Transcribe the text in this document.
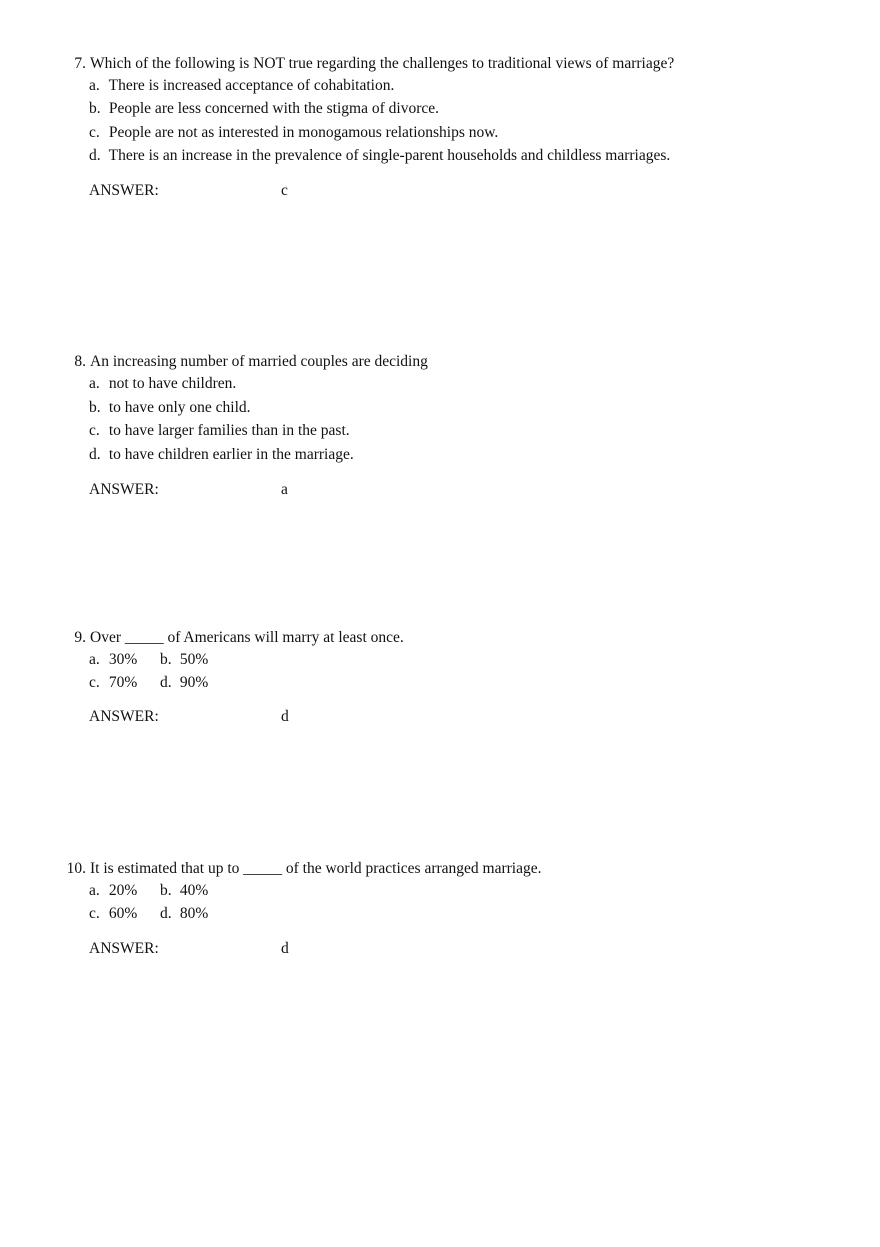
7. Which of the following is NOT true regarding the challenges to traditional views of marriage?
a. There is increased acceptance of cohabitation.
b. People are less concerned with the stigma of divorce.
c. People are not as interested in monogamous relationships now.
d. There is an increase in the prevalence of single-parent households and childless marriages.
ANSWER:	c
8. An increasing number of married couples are deciding
a. not to have children.
b. to have only one child.
c. to have larger families than in the past.
d. to have children earlier in the marriage.
ANSWER:	a
9. Over _____ of Americans will marry at least once.
a. 30% b. 50%
c. 70% d. 90%
ANSWER:	d
10. It is estimated that up to _____ of the world practices arranged marriage.
a. 20% b. 40%
c. 60% d. 80%
ANSWER:	d
